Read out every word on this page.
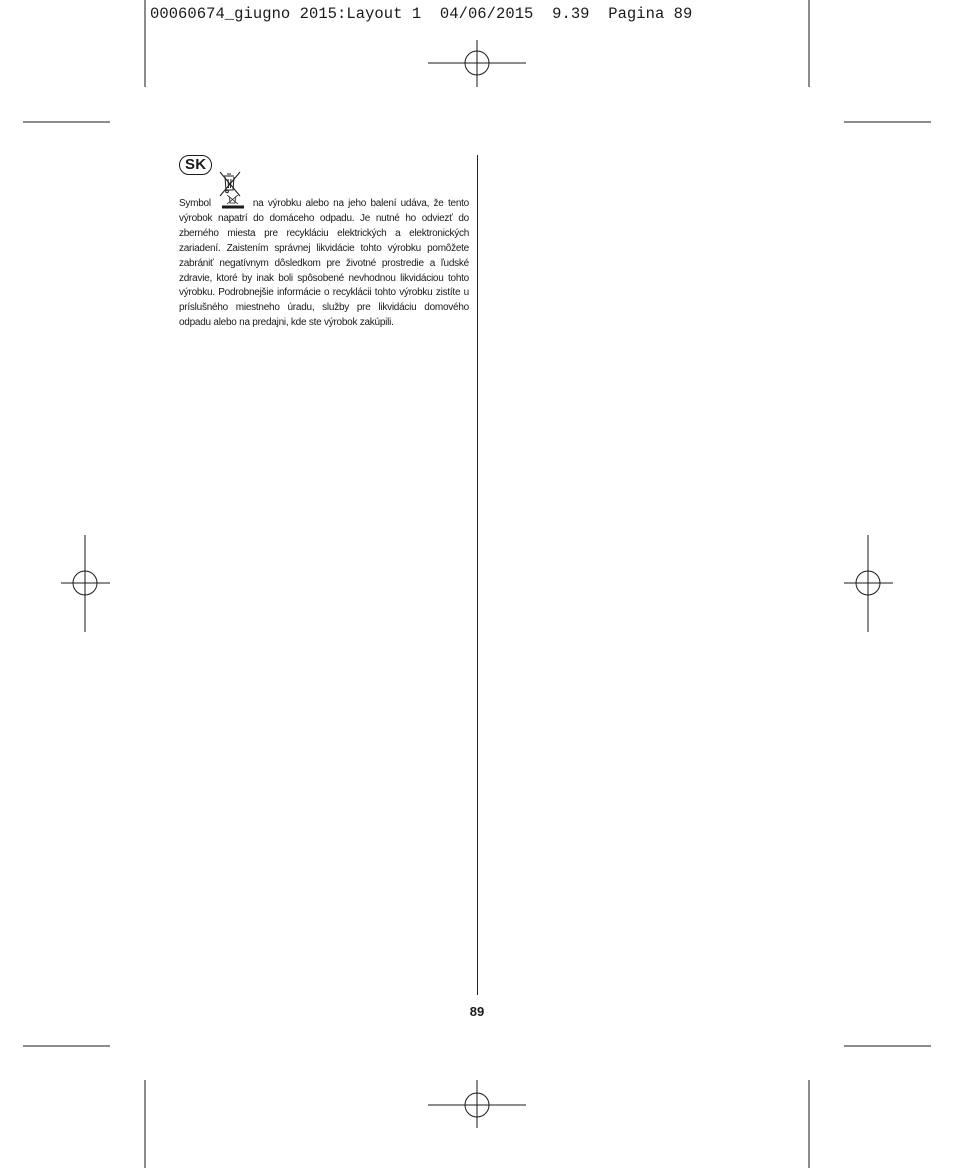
00060674_giugno 2015:Layout 1  04/06/2015  9.39  Pagina 89
SK

Symbol	na výrobku alebo na jeho balení udáva, že tento výrobok napatrí do domáceho odpadu. Je nutné ho odviezť do zberného miesta pre recykláciu elektrických a elektronických zariadení. Zaistením správnej likvidácie tohto výrobku pomôžete zabrániť negatívnym dôsledkom pre životné prostredie a ľudské zdravie, ktoré by inak boli spôsobené nevhodnou likvidáciou tohto výrobku. Podrobnejšie informácie o recyklácii tohto výrobku zistíte u príslušného miestneho úradu, služby pre likvidáciu domového odpadu alebo na predajni, kde ste výrobok zakúpili.

89
